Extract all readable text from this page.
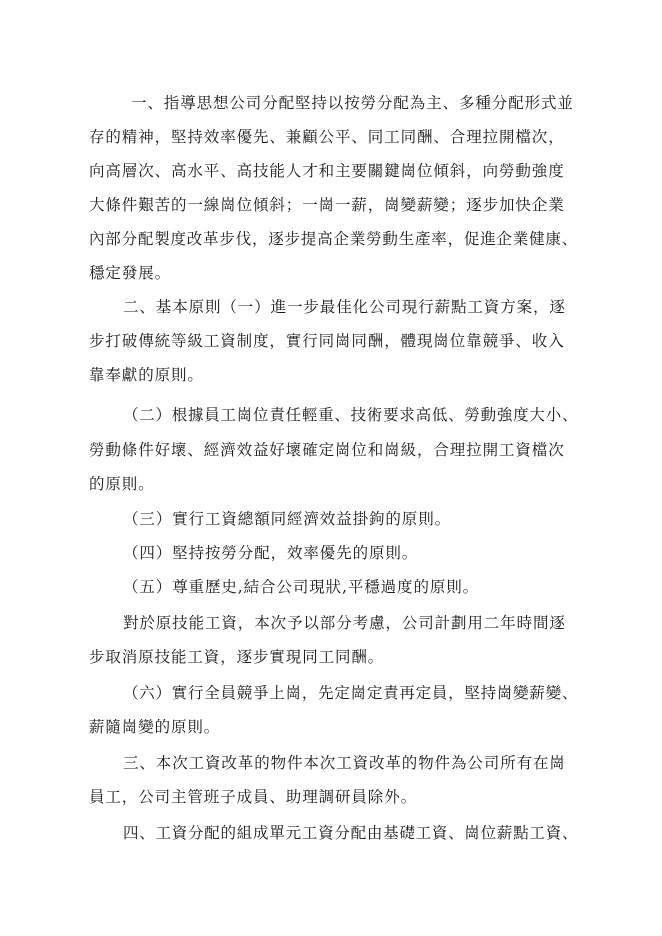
一、指導思想公司分配堅持以按勞分配為主、多種分配形式並
存的精神，堅持效率優先、兼顧公平、同工同酬、合理拉開檔次，
向高層次、高水平、高技能人才和主要關鍵崗位傾斜，向勞動強度
大條件艱苦的一線崗位傾斜；一崗一薪，崗變薪變；逐步加快企業
內部分配製度改革步伐，逐步提高企業勞動生產率，促進企業健康、
穩定發展。
二、基本原則（一）進一步最佳化公司現行薪點工資方案，逐
步打破傳統等級工資制度，實行同崗同酬，體現崗位靠競爭、收入
靠奉獻的原則。
（二）根據員工崗位責任輕重、技術要求高低、勞動強度大小、
勞動條件好壞、經濟效益好壞確定崗位和崗級，合理拉開工資檔次
的原則。
（三）實行工資總額同經濟效益掛鉤的原則。
（四）堅持按勞分配，效率優先的原則。
（五）尊重歷史,結合公司現狀,平穩過度的原則。
對於原技能工資，本次予以部分考慮，公司計劃用二年時間逐
步取消原技能工資，逐步實現同工同酬。
（六）實行全員競爭上崗，先定崗定責再定員，堅持崗變薪變、
薪隨崗變的原則。
三、本次工資改革的物件本次工資改革的物件為公司所有在崗
員工，公司主管班子成員、助理調研員除外。
四、工資分配的組成單元工資分配由基礎工資、崗位薪點工資、
